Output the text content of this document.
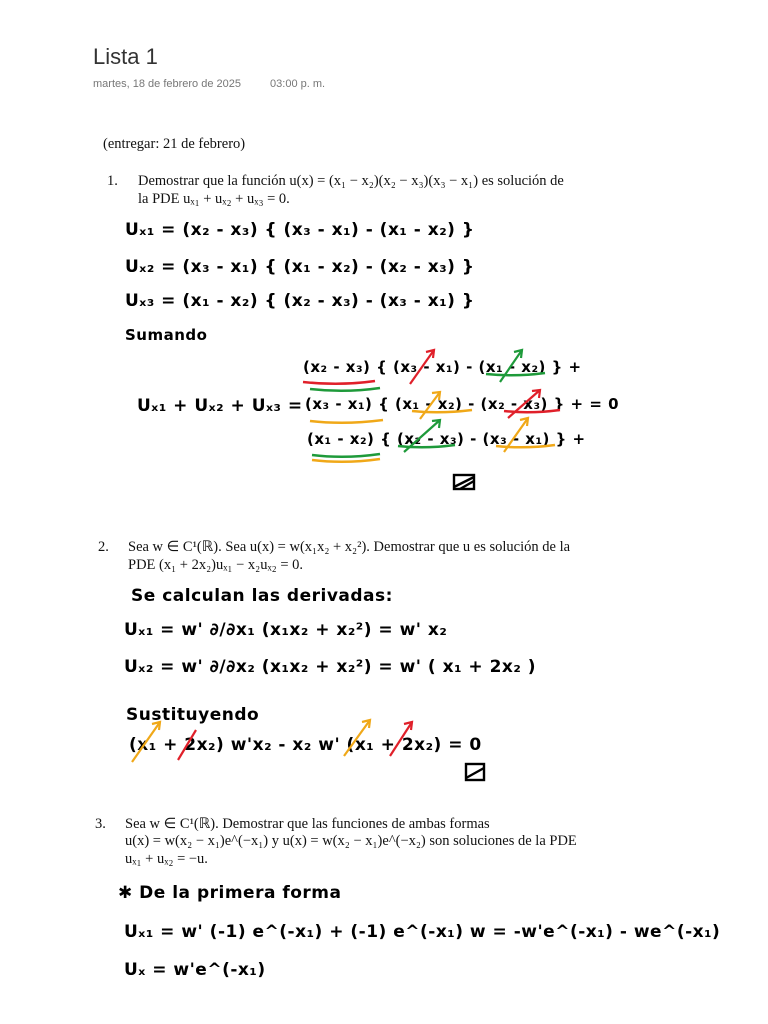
Lista 1
martes, 18 de febrero de 2025	03:00 p. m.
(entregar: 21 de febrero)
1. Demostrar que la función u(x) = (x₁ − x₂)(x₂ − x₃)(x₃ − x₁) es solución de
la PDE uₓ₁ + uₓ₂ + uₓ₃ = 0.
Uₓ₁ = (x₂ - x₃) { (x₃ - x₁) - (x₁ - x₂) }
Uₓ₂ = (x₃ - x₁) { (x₁ - x₂) - (x₂ - x₃) }
Uₓ₃ = (x₁ - x₂) { (x₂ - x₃) - (x₃ - x₁) }
Sumando
Uₓ₁ + Uₓ₂ + Uₓ₃ =
(x₂ - x₃) { (x₃ - x₁) - (x₁ - x₂) } +
(x₃ - x₁) { (x₁ - x₂) - (x₂ - x₃) } + = 0
(x₁ - x₂) { (x₂ - x₃) - (x₃ - x₁) } +
2. Sea w ∈ C¹(ℝ). Sea u(x) = w(x₁x₂ + x₂²). Demostrar que u es solución de la
PDE (x₁ + 2x₂)uₓ₁ − x₂uₓ₂ = 0.
Se calculan las derivadas:
Uₓ₁ = w' ∂/∂x₁ (x₁x₂ + x₂²) = w' x₂
Uₓ₂ = w' ∂/∂x₂ (x₁x₂ + x₂²) = w' ( x₁ + 2x₂ )
Sustituyendo
(x₁ + 2x₂) w'x₂ - x₂ w' (x₁ + 2x₂) = 0
3. Sea w ∈ C¹(ℝ). Demostrar que las funciones de ambas formas
u(x) = w(x₂ − x₁)e^(−x₁) y u(x) = w(x₂ − x₁)e^(−x₂) son soluciones de la PDE
uₓ₁ + uₓ₂ = −u.
✱ De la primera forma
Uₓ₁ = w' (-1) e^(-x₁) + (-1) e^(-x₁) w = -w'e^(-x₁) - we^(-x₁)
Uₓ = w'e^(-x₁)
